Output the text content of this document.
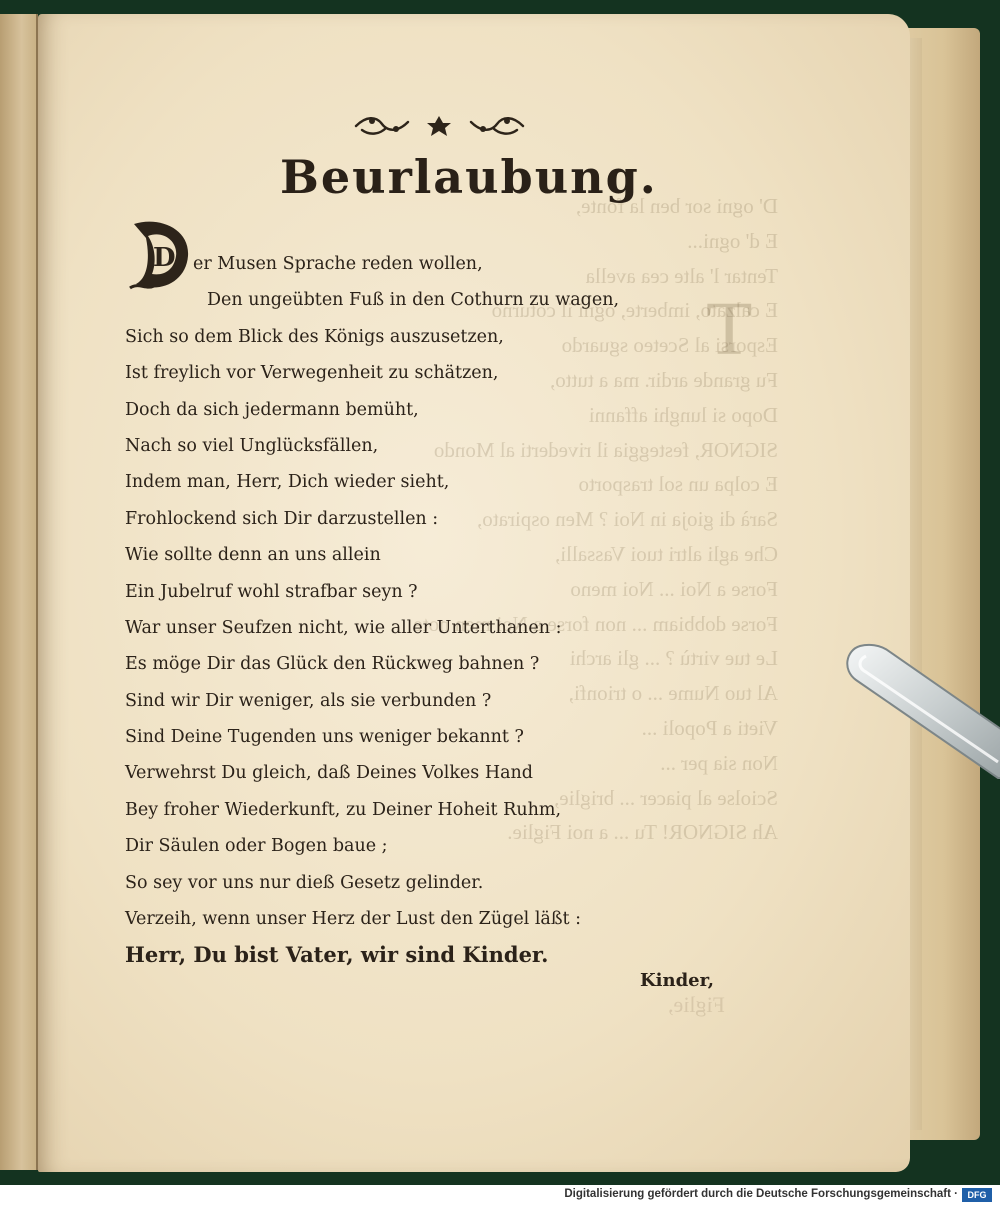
D' ogni sor ben la fonte,
E d' ogni...
Tentar l' alte cea avella
E calzato, imberte, ogni il coturno
Esporsi al Sceteo sguardo
Fu grande ardir. ma a tutto,
Dopo si lunghi affanni
SIGNOR, festeggia il rivederti al Mondo
E colpa un sol trasporto
Sarà di gioja in Noi ? Men ospirato,
Che agli altri tuoi Vassalli,
Forse a Noi ... Noi meno
Forse dobbiam ... non forse a Noi men note
Le tue virtù ? ... gli archi
Al tuo Nume ... o trionfi,
Vieti a Popoli ...
Non sia per ...
Sciolse al piacer ... briglie,
Ah SIGNOR! Tu ... a noi Figlie.
T
Figlie,
Beurlaubung.
D er Musen Sprache reden wollen,
Den ungeübten Fuß in den Cothurn zu wagen,
Sich so dem Blick des Königs auszusetzen,
Ist freylich vor Verwegenheit zu schätzen,
Doch da sich jedermann bemüht,
Nach so viel Unglücksfällen,
Indem man, Herr, Dich wieder sieht,
Frohlockend sich Dir darzustellen :
Wie sollte denn an uns allein
Ein Jubelruf wohl strafbar seyn ?
War unser Seufzen nicht, wie aller Unterthanen :
Es möge Dir das Glück den Rückweg bahnen ?
Sind wir Dir weniger, als sie verbunden ?
Sind Deine Tugenden uns weniger bekannt ?
Verwehrst Du gleich, daß Deines Volkes Hand
Bey froher Wiederkunft, zu Deiner Hoheit Ruhm,
Dir Säulen oder Bogen baue ;
So sey vor uns nur dieß Gesetz gelinder.
Verzeih, wenn unser Herz der Lust den Zügel läßt :
Herr, Du bist Vater, wir sind Kinder.
Kinder,
Digitalisierung gefördert durch die Deutsche Forschungsgemeinschaft ·	DFG
